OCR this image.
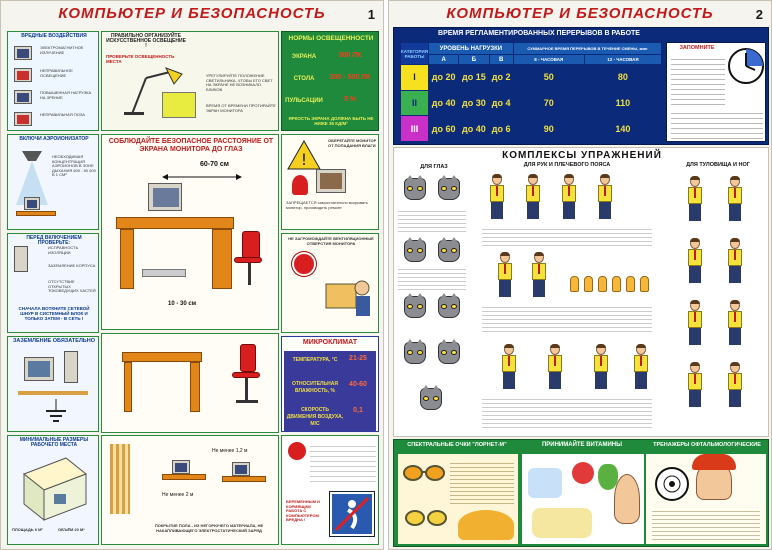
КОМПЬЮТЕР И БЕЗОПАСНОСТЬ	1
ВРЕДНЫЕ ВОЗДЕЙСТВИЯ
ЭЛЕКТРОМАГНИТНОЕ ИЗЛУЧЕНИЕ
НЕПРАВИЛЬНОЕ ОСВЕЩЕНИЕ
ПОВЫШЕННАЯ НАГРУЗКА НА ЗРЕНИЕ
НЕПРАВИЛЬНАЯ ПОЗА
ПРАВИЛЬНО ОРГАНИЗУЙТЕ ИСКУССТВЕННОЕ ОСВЕЩЕНИЕ !
ПРОВЕРЬТЕ ОСВЕЩЕННОСТЬ МЕСТА
УРЕГУЛИРУЙТЕ ПОЛОЖЕНИЕ СВЕТИЛЬНИКА, ЧТОБЫ ЕГО СВЕТ НА ЭКРАНЕ НЕ ВОЗНИКАЛО БЛИКОВ
ВРЕМЯ ОТ ВРЕМЕНИ ПРОТИРАЙТЕ ЭКРАН МОНИТОРА
НОРМЫ ОСВЕЩЕННОСТИ
ЭКРАНА	300 ЛК
СТОЛА	300 - 500 ЛК
ПУЛЬСАЦИИ	5 %
ЯРКОСТЬ ЭКРАНА ДОЛЖНА БЫТЬ НЕ НИЖЕ 35 КД/М²
ВКЛЮЧИ АЭРОИОНИЗАТОР
НЕОБХОДИМАЯ КОНЦЕНТРАЦИЯ АЭРОИОНОВ В ЗОНЕ ДЫХАНИЯ 600 - 50 000 В 1 СМ³
СОБЛЮДАЙТЕ БЕЗОПАСНОЕ РАССТОЯНИЕ ОТ ЭКРАНА МОНИТОРА ДО ГЛАЗ
60-70 см
10 - 30 см
ОБЕРЕГАЙТЕ МОНИТОР ОТ ПОПАДАНИЯ ВЛАГИ
!
ЗАПРЕЩАЕТСЯ самостоятельно вскрывать монитор, производить ремонт
ПЕРЕД ВКЛЮЧЕНИЕМ ПРОВЕРЬТЕ:
ИСПРАВНОСТЬ ИЗОЛЯЦИИ
ЗАЗЕМЛЕНИЕ КОРПУСА
ОТСУТСТВИЕ ОТКРЫТЫХ ТОКОВЕДУЩИХ ЧАСТЕЙ
СНАЧАЛА ВОТКНИТЕ СЕТЕВОЙ ШНУР В СИСТЕМНЫЙ БЛОК И ТОЛЬКО ЗАТЕМ - В СЕТЬ !
НЕ ЗАГРОМОЖДАЙТЕ ВЕНТИЛЯЦИОННЫЕ ОТВЕРСТИЯ МОНИТОРА
ЗАЗЕМЛЕНИЕ ОБЯЗАТЕЛЬНО	МИКРОКЛИМАТ
ТЕМПЕРАТУРА, °С	21-25
ОТНОСИТЕЛЬНАЯ ВЛАЖНОСТЬ, %
40-60
СКОРОСТЬ ДВИЖЕНИЯ ВОЗДУХА, М/С
0,1
МИНИМАЛЬНЫЕ РАЗМЕРЫ РАБОЧЕГО МЕСТА
ПЛОЩАДЬ 6 М²	ОБЪЁМ 20 М³
Не менее 1,2 м
Не менее 2 м
ПОКРЫТИЕ ПОЛА - ИЗ НЕГОРЮЧЕГО МАТЕРИАЛА, НЕ НАКАПЛИВАЮЩЕГО ЭЛЕКТРОСТАТИЧЕСКИЙ ЗАРЯД
БЕРЕМЕННЫМ И КОРМЯЩИМ РАБОТА С КОМПЬЮТЕРОМ ВРЕДНА !
КОМПЬЮТЕР И БЕЗОПАСНОСТЬ	2
ВРЕМЯ РЕГЛАМЕНТИРОВАННЫХ ПЕРЕРЫВОВ В РАБОТЕ
КАТЕГОРИЯ РАБОТЫ	УРОВЕНЬ НАГРУЗКИ			СУММАРНОЕ ВРЕМЯ ПЕРЕРЫВОВ В ТЕЧЕНИЕ СМЕНЫ, мин	
	А	Б	В	8 - ЧАСОВАЯ	12 - ЧАСОВАЯ
I	до 20	до 15	до 2	50	80
II	до 40	до 30	до 4	70	110
III	до 60	до 40	до 6	90	140
ЗАПОМНИТЕ
КОМПЛЕКСЫ УПРАЖНЕНИЙ
ДЛЯ ГЛАЗ	ДЛЯ РУК И ПЛЕЧЕВОГО ПОЯСА	ДЛЯ ТУЛОВИЩА И НОГ
СПЕКТРАЛЬНЫЕ ОЧКИ "ЛОРНЕТ-М"	ПРИНИМАЙТЕ ВИТАМИНЫ	ТРЕНАЖЕРЫ ОФТАЛЬМОЛОГИЧЕСКИЕ
